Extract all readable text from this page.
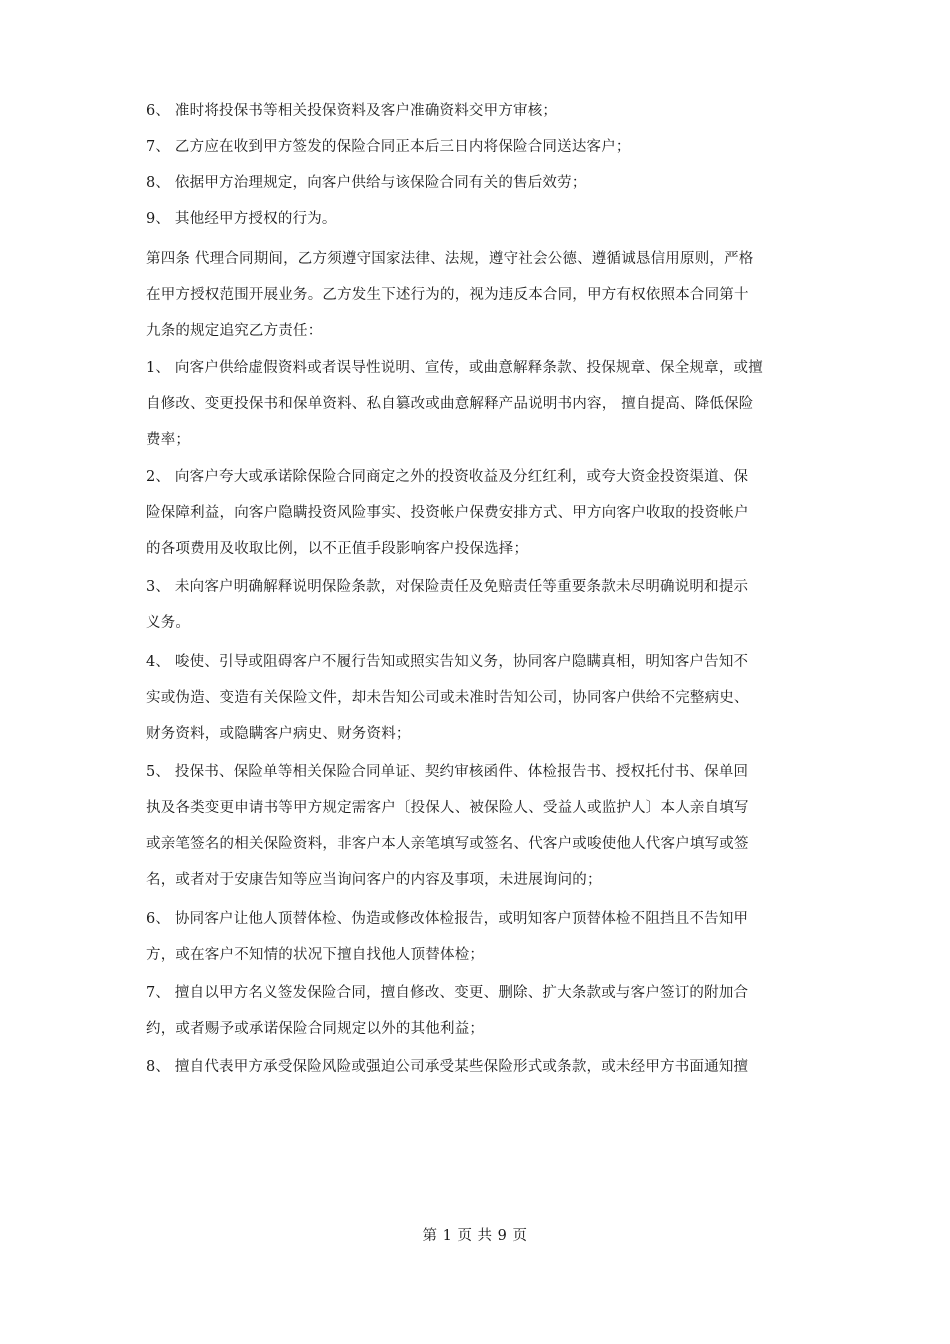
6、 准时将投保书等相关投保资料及客户准确资料交甲方审核；
7、 乙方应在收到甲方签发的保险合同正本后三日内将保险合同送达客户；
8、 依据甲方治理规定，向客户供给与该保险合同有关的售后效劳；
9、 其他经甲方授权的行为。
第四条 代理合同期间，乙方须遵守国家法律、法规，遵守社会公德、遵循诚恳信用原则，严格
在甲方授权范围开展业务。乙方发生下述行为的，视为违反本合同，甲方有权依照本合同第十
九条的规定追究乙方责任：
1、 向客户供给虚假资料或者误导性说明、宣传，或曲意解释条款、投保规章、保全规章，或擅
自修改、变更投保书和保单资料、私自篡改或曲意解释产品说明书内容， 擅自提高、降低保险
费率；
2、 向客户夸大或承诺除保险合同商定之外的投资收益及分红红利，或夸大资金投资渠道、保
险保障利益，向客户隐瞒投资风险事实、投资帐户保费安排方式、甲方向客户收取的投资帐户
的各项费用及收取比例，以不正值手段影响客户投保选择；
3、 未向客户明确解释说明保险条款，对保险责任及免赔责任等重要条款未尽明确说明和提示
义务。
4、 唆使、引导或阻碍客户不履行告知或照实告知义务，协同客户隐瞒真相，明知客户告知不
实或伪造、变造有关保险文件，却未告知公司或未准时告知公司，协同客户供给不完整病史、
财务资料，或隐瞒客户病史、财务资料；
5、 投保书、保险单等相关保险合同单证、契约审核函件、体检报告书、授权托付书、保单回
执及各类变更申请书等甲方规定需客户〔投保人、被保险人、受益人或监护人〕本人亲自填写
或亲笔签名的相关保险资料，非客户本人亲笔填写或签名、代客户或唆使他人代客户填写或签
名，或者对于安康告知等应当询问客户的内容及事项，未进展询问的；
6、 协同客户让他人顶替体检、伪造或修改体检报告，或明知客户顶替体检不阻挡且不告知甲
方，或在客户不知情的状况下擅自找他人顶替体检；
7、 擅自以甲方名义签发保险合同，擅自修改、变更、删除、扩大条款或与客户签订的附加合
约，或者赐予或承诺保险合同规定以外的其他利益；
8、 擅自代表甲方承受保险风险或强迫公司承受某些保险形式或条款，或未经甲方书面通知擅
第 1 页 共 9 页
